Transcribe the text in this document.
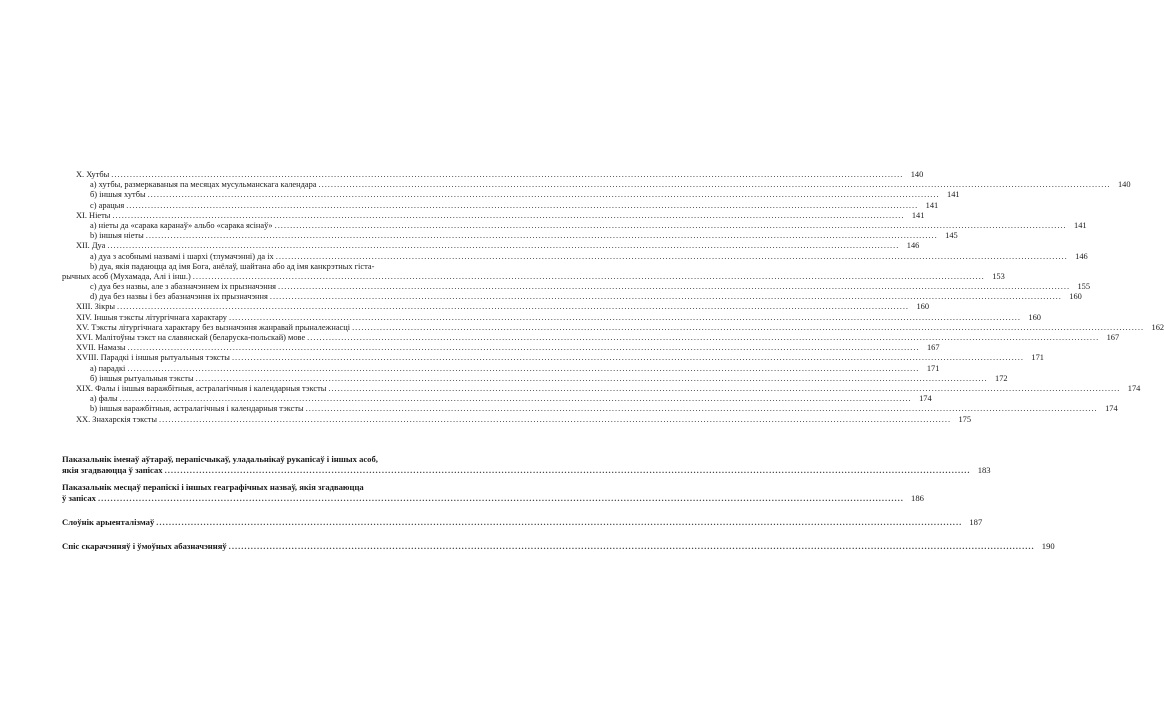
X. Хутбы .....	140
а) хутбы, размеркаваныя па месяцах мусульманскага календара .....	140
б) іншыя хутбы .....	141
с) арацыя .....	141
XI. Ніеты .....	141
а) ніеты да «сарака каранаў» альбо «сарака ясінаў» .....	141
b) іншыя ніеты .....	145
XII. Дуа .....	146
а) дуа з асобнымі назвамі і шархі (тлумачэнні) да іх .....	146
b) дуа, якія падаюцца ад імя Бога, анёлаў, шайтана або ад імя канкрэтных гіста-
рычных асоб (Мухамада, Алі і інш.) .....	153
с) дуа без назвы, але з абазначэннем іх прызначэння .....	155
d) дуа без назвы і без абазначэння іх прызначэння .....	160
XIII. Зікры .....	160
XIV. Іншыя тэксты літургічнага характару .....	160
XV. Тэксты літургічнага характару без вызначэння жанравай прыналежнасці .....	162
XVI. Малітоўны тэкст на славянскай (беларуска-польскай) мове .....	167
XVII. Намазы .....	167
XVIII. Парадкі і іншыя рытуальныя тэксты .....	171
а) парадкі .....	171
б) іншыя рытуальныя тэксты .....	172
XIX. Фалы і іншыя варажбітныя, астралагічныя і календарныя тэксты .....	174
а) фалы .....	174
b) іншыя варажбітныя, астралагічныя і календарныя тэксты .....	174
XX. Знахарскія тэксты .....	175
Паказальнік іменаў аўтараў, перапісчыкаў, уладальнікаў рукапісаў і іншых асоб,
якія згадваюцца ў запісах .....	183
Паказальнік месцаў перапіскі і іншых геаграфічных назваў, якія згадваюцца
ў запісах .....	186
Слоўнік арыенталізмаў .....	187
Спіс скарачэнняў і ўмоўных абазначэнняў .....	190
